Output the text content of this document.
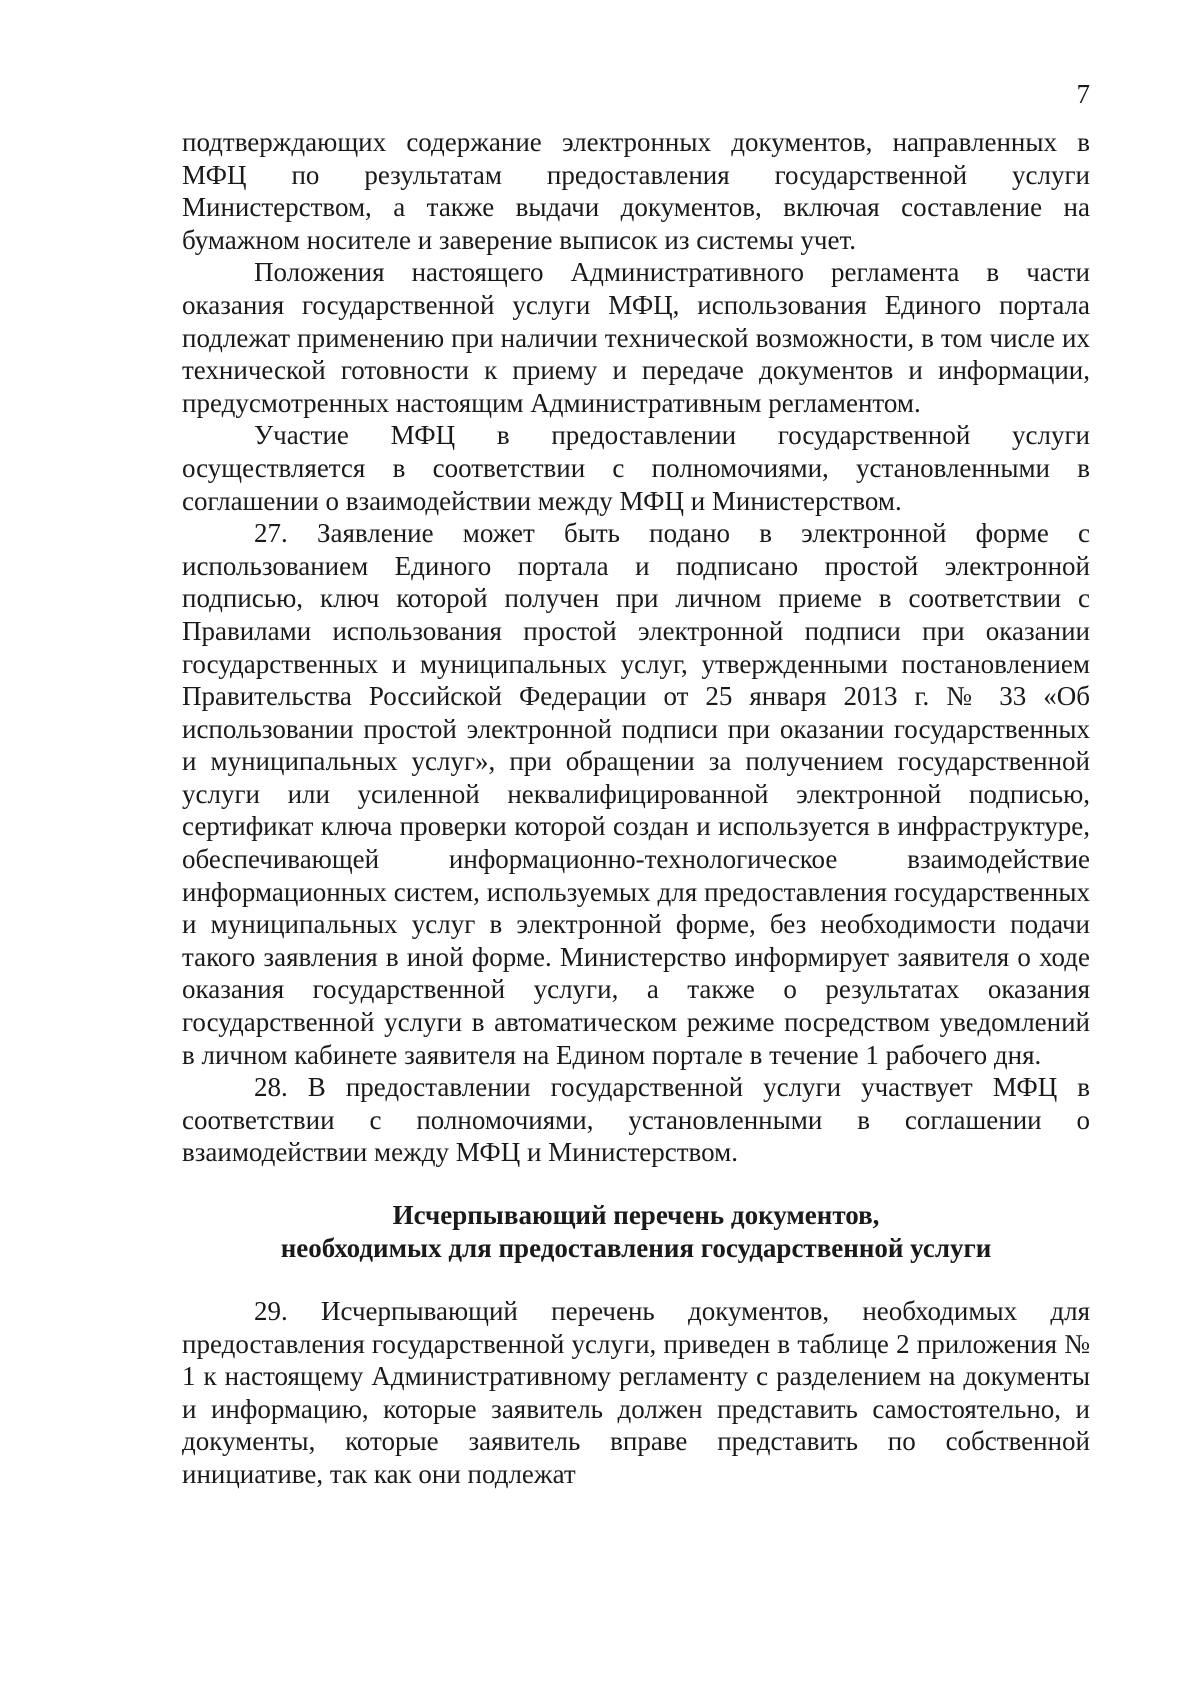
7

подтверждающих содержание электронных документов, направленных в МФЦ по результатам предоставления государственной услуги Министерством, а также выдачи документов, включая составление на бумажном носителе и заверение выписок из системы учет.

Положения настоящего Административного регламента в части оказания государственной услуги МФЦ, использования Единого портала подлежат применению при наличии технической возможности, в том числе их технической готовности к приему и передаче документов и информации, предусмотренных настоящим Административным регламентом.

Участие МФЦ в предоставлении государственной услуги осуществляется в соответствии с полномочиями, установленными в соглашении о взаимодействии между МФЦ и Министерством.

27. Заявление может быть подано в электронной форме с использованием Единого портала и подписано простой электронной подписью, ключ которой получен при личном приеме в соответствии с Правилами использования простой электронной подписи при оказании государственных и муниципальных услуг, утвержденными постановлением Правительства Российской Федерации от 25 января 2013 г. № 33 «Об использовании простой электронной подписи при оказании государственных и муниципальных услуг», при обращении за получением государственной услуги или усиленной неквалифицированной электронной подписью, сертификат ключа проверки которой создан и используется в инфраструктуре, обеспечивающей информационно-технологическое взаимодействие информационных систем, используемых для предоставления государственных и муниципальных услуг в электронной форме, без необходимости подачи такого заявления в иной форме. Министерство информирует заявителя о ходе оказания государственной услуги, а также о результатах оказания государственной услуги в автоматическом режиме посредством уведомлений в личном кабинете заявителя на Едином портале в течение 1 рабочего дня.

28. В предоставлении государственной услуги участвует МФЦ в соответствии с полномочиями, установленными в соглашении о взаимодействии между МФЦ и Министерством.

Исчерпывающий перечень документов,

необходимых для предоставления государственной услуги

29. Исчерпывающий перечень документов, необходимых для предоставления государственной услуги, приведен в таблице 2 приложения № 1 к настоящему Административному регламенту с разделением на документы и информацию, которые заявитель должен представить самостоятельно, и документы, которые заявитель вправе представить по собственной инициативе, так как они подлежат
